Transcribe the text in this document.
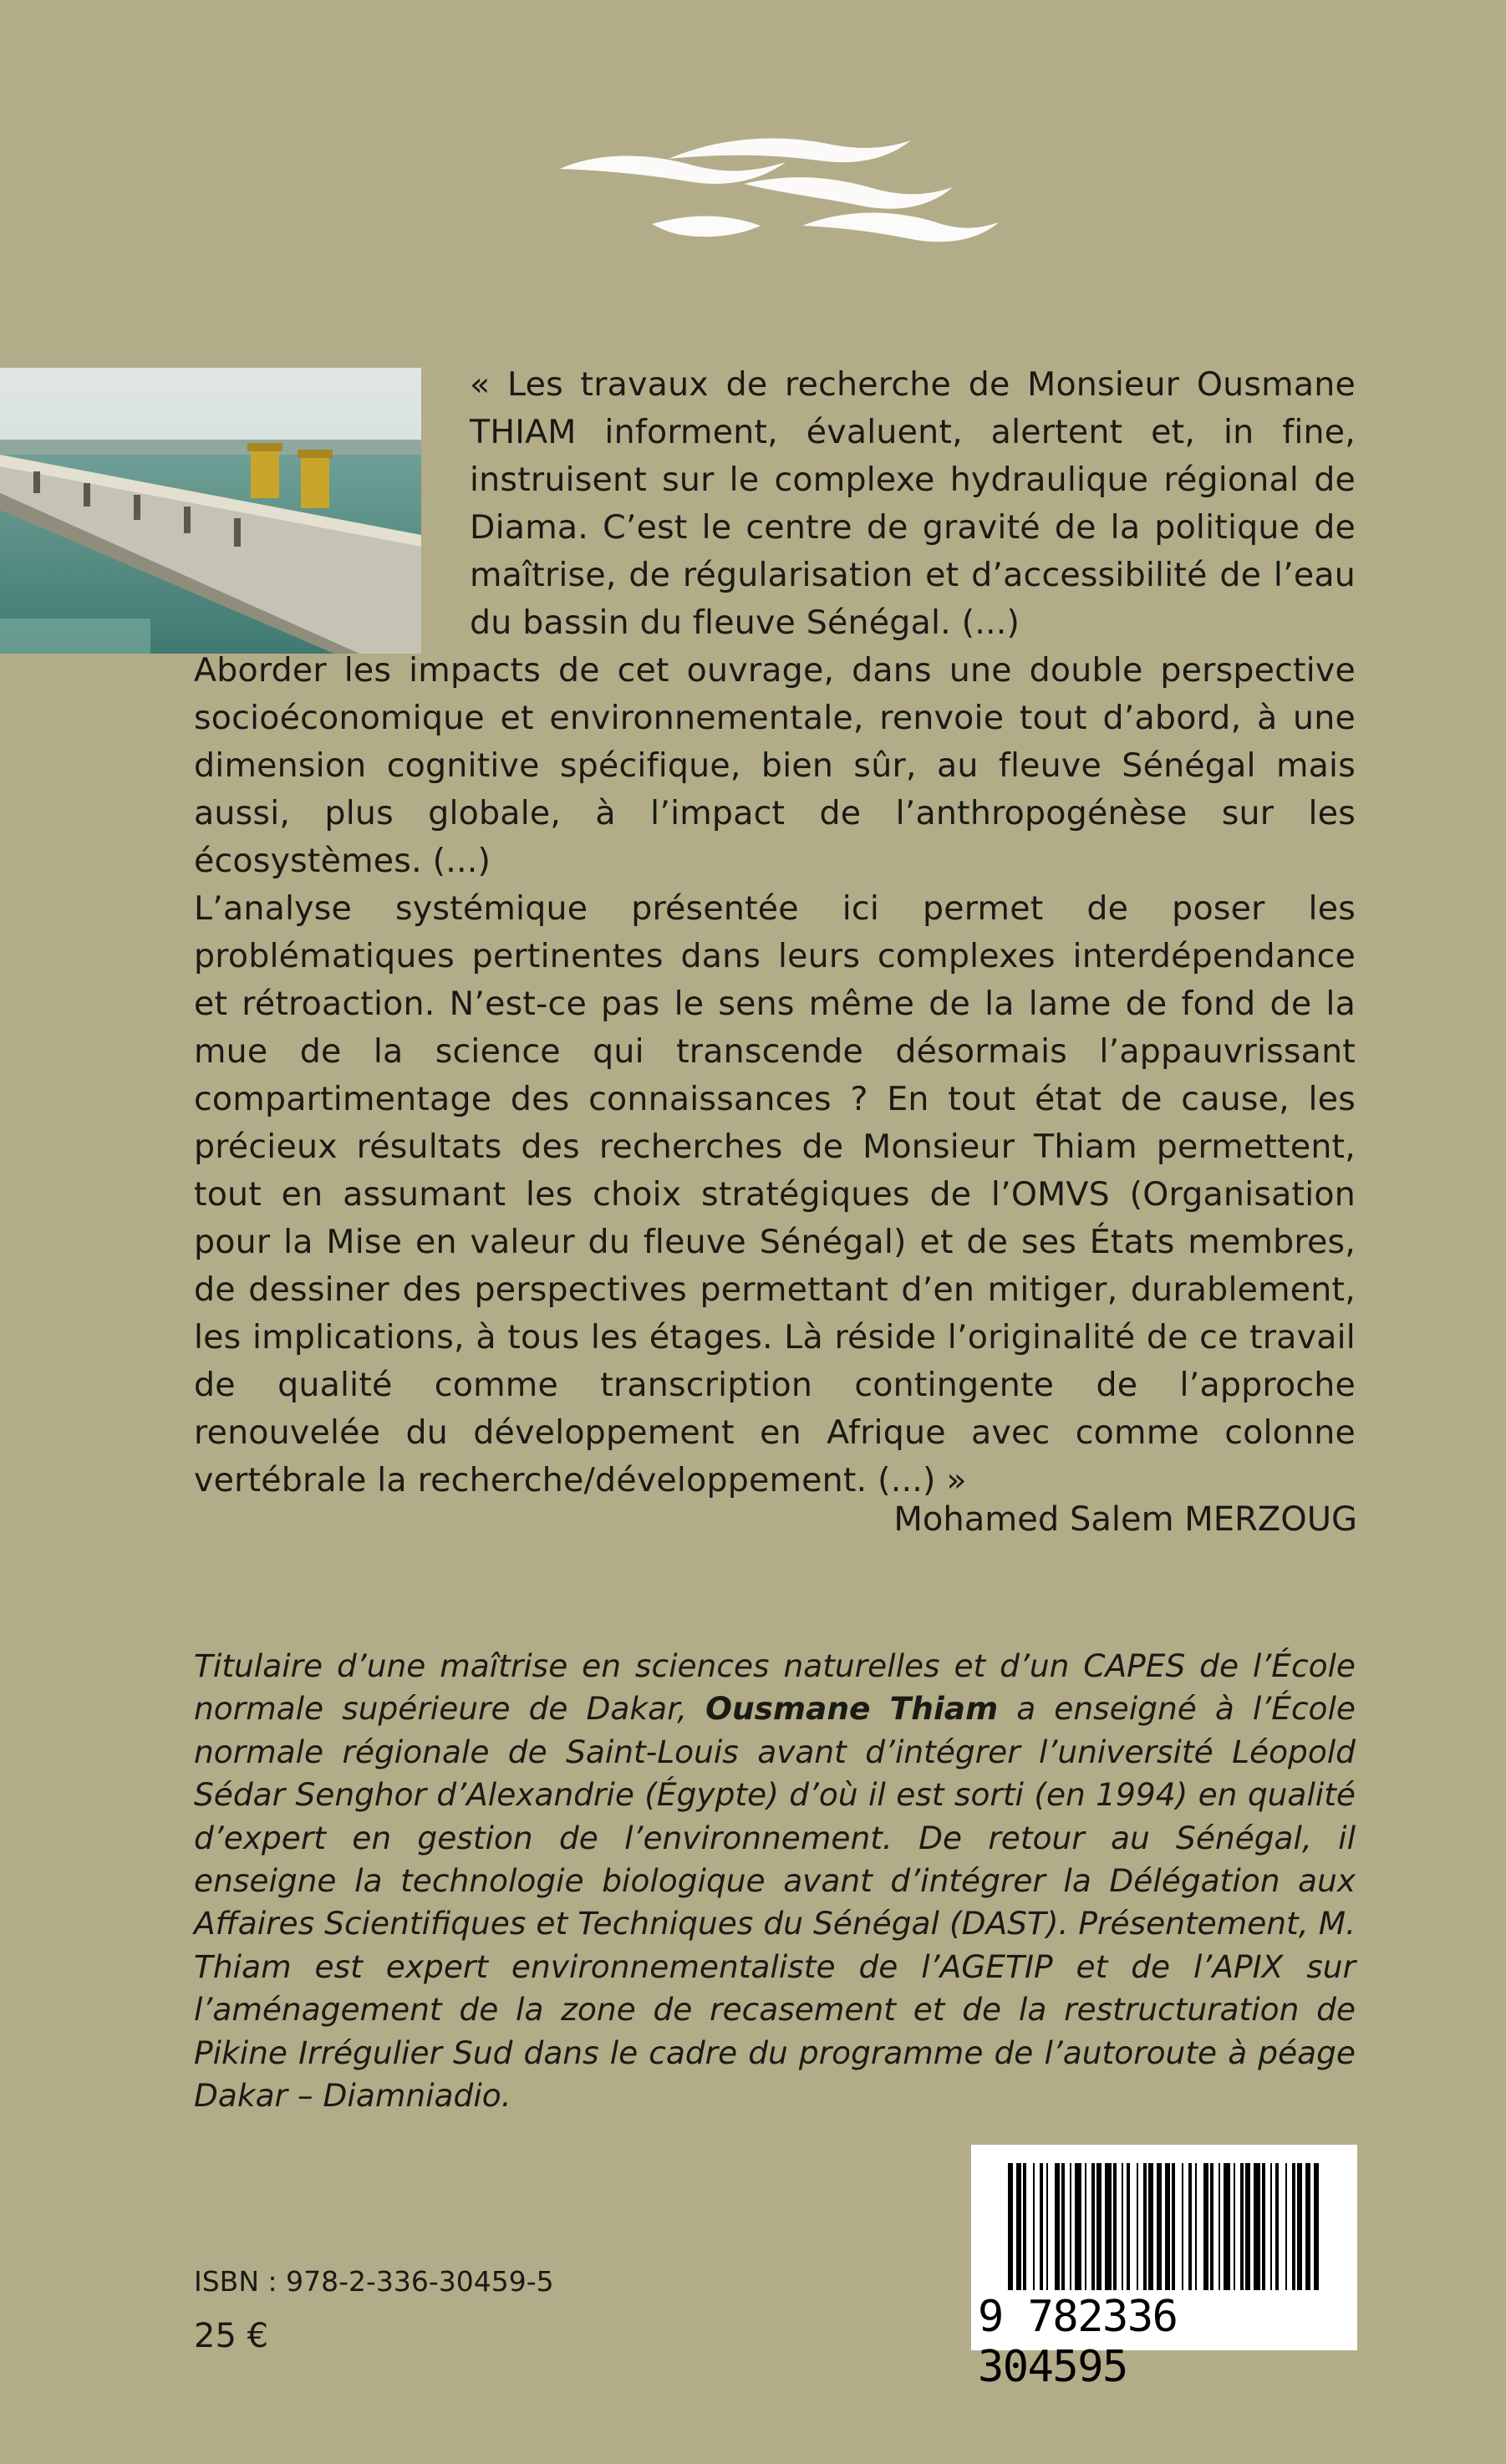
« Les travaux de recherche de Monsieur Ousmane THIAM informent, évaluent, alertent et, in fine, instruisent sur le complexe hydraulique régional de Diama. C’est le centre de gravité de la politique de maîtrise, de régularisation et d’accessibilité de l’eau du bassin du fleuve Sénégal. (...)

Aborder les impacts de cet ouvrage, dans une double perspective socioéconomique et environnementale, renvoie tout d’abord, à une dimension cognitive spécifique, bien sûr, au fleuve Sénégal mais aussi, plus globale, à l’impact de l’anthropogénèse sur les écosystèmes. (...)

L’analyse systémique présentée ici permet de poser les problématiques pertinentes dans leurs complexes interdépendance et rétroaction. N’est-ce pas le sens même de la lame de fond de la mue de la science qui transcende désormais l’appauvrissant compartimentage des connaissances ? En tout état de cause, les précieux résultats des recherches de Monsieur Thiam permettent, tout en assumant les choix stratégiques de l’OMVS (Organisation pour la Mise en valeur du fleuve Sénégal) et de ses États membres, de dessiner des perspectives permettant d’en mitiger, durablement, les implications, à tous les étages. Là réside l’originalité de ce travail de qualité comme transcription contingente de l’approche renouvelée du développement en Afrique avec comme colonne vertébrale la recherche/développement. (...) »

Mohamed Salem MERZOUG
Titulaire d’une maîtrise en sciences naturelles et d’un CAPES de l’École normale supérieure de Dakar, Ousmane Thiam a enseigné à l’École normale régionale de Saint-Louis avant d’intégrer l’université Léopold Sédar Senghor d’Alexandrie (Égypte) d’où il est sorti (en 1994) en qualité d’expert en gestion de l’environnement. De retour au Sénégal, il enseigne la technologie biologique avant d’intégrer la Délégation aux Affaires Scientifiques et Techniques du Sénégal (DAST). Présentement, M. Thiam est expert environnementaliste de l’AGETIP et de l’APIX sur l’aménagement de la zone de recasement et de la restructuration de Pikine Irrégulier Sud dans le cadre du programme de l’autoroute à péage Dakar – Diamniadio.
ISBN : 978-2-336-30459-5
25 €	9 782336 304595
